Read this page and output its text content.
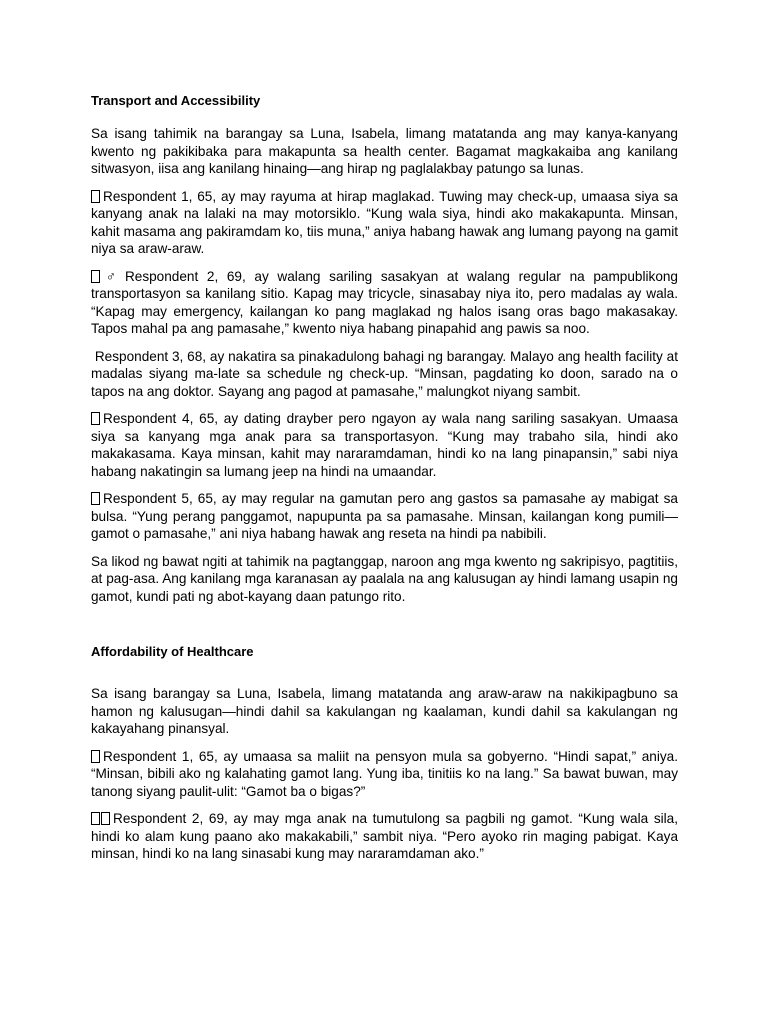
Transport and Accessibility

Sa isang tahimik na barangay sa Luna, Isabela, limang matatanda ang may kanya-kanyang kwento ng pakikibaka para makapunta sa health center. Bagamat magkakaiba ang kanilang sitwasyon, iisa ang kanilang hinaing—ang hirap ng paglalakbay patungo sa lunas.

Respondent 1, 65, ay may rayuma at hirap maglakad. Tuwing may check-up, umaasa siya sa kanyang anak na lalaki na may motorsiklo. “Kung wala siya, hindi ako makakapunta. Minsan, kahit masama ang pakiramdam ko, tiis muna,” aniya habang hawak ang lumang payong na gamit niya sa araw-araw.

♂ Respondent 2, 69, ay walang sariling sasakyan at walang regular na pampublikong transportasyon sa kanilang sitio. Kapag may tricycle, sinasabay niya ito, pero madalas ay wala. “Kapag may emergency, kailangan ko pang maglakad ng halos isang oras bago makasakay. Tapos mahal pa ang pamasahe,” kwento niya habang pinapahid ang pawis sa noo.

Respondent 3, 68, ay nakatira sa pinakadulong bahagi ng barangay. Malayo ang health facility at madalas siyang ma-late sa schedule ng check-up. “Minsan, pagdating ko doon, sarado na o tapos na ang doktor. Sayang ang pagod at pamasahe,” malungkot niyang sambit.

Respondent 4, 65, ay dating drayber pero ngayon ay wala nang sariling sasakyan. Umaasa siya sa kanyang mga anak para sa transportasyon. “Kung may trabaho sila, hindi ako makakasama. Kaya minsan, kahit may nararamdaman, hindi ko na lang pinapansin,” sabi niya habang nakatingin sa lumang jeep na hindi na umaandar.

Respondent 5, 65, ay may regular na gamutan pero ang gastos sa pamasahe ay mabigat sa bulsa. “Yung perang panggamot, napupunta pa sa pamasahe. Minsan, kailangan kong pumili—gamot o pamasahe,” ani niya habang hawak ang reseta na hindi pa nabibili.

Sa likod ng bawat ngiti at tahimik na pagtanggap, naroon ang mga kwento ng sakripisyo, pagtitiis, at pag-asa. Ang kanilang mga karanasan ay paalala na ang kalusugan ay hindi lamang usapin ng gamot, kundi pati ng abot-kayang daan patungo rito.

Affordability of Healthcare

Sa isang barangay sa Luna, Isabela, limang matatanda ang araw-araw na nakikipagbuno sa hamon ng kalusugan—hindi dahil sa kakulangan ng kaalaman, kundi dahil sa kakulangan ng kakayahang pinansyal.

Respondent 1, 65, ay umaasa sa maliit na pensyon mula sa gobyerno. “Hindi sapat,” aniya. “Minsan, bibili ako ng kalahating gamot lang. Yung iba, tinitiis ko na lang.” Sa bawat buwan, may tanong siyang paulit-ulit: “Gamot ba o bigas?”

Respondent 2, 69, ay may mga anak na tumutulong sa pagbili ng gamot. “Kung wala sila, hindi ko alam kung paano ako makakabili,” sambit niya. “Pero ayoko rin maging pabigat. Kaya minsan, hindi ko na lang sinasabi kung may nararamdaman ako.”
